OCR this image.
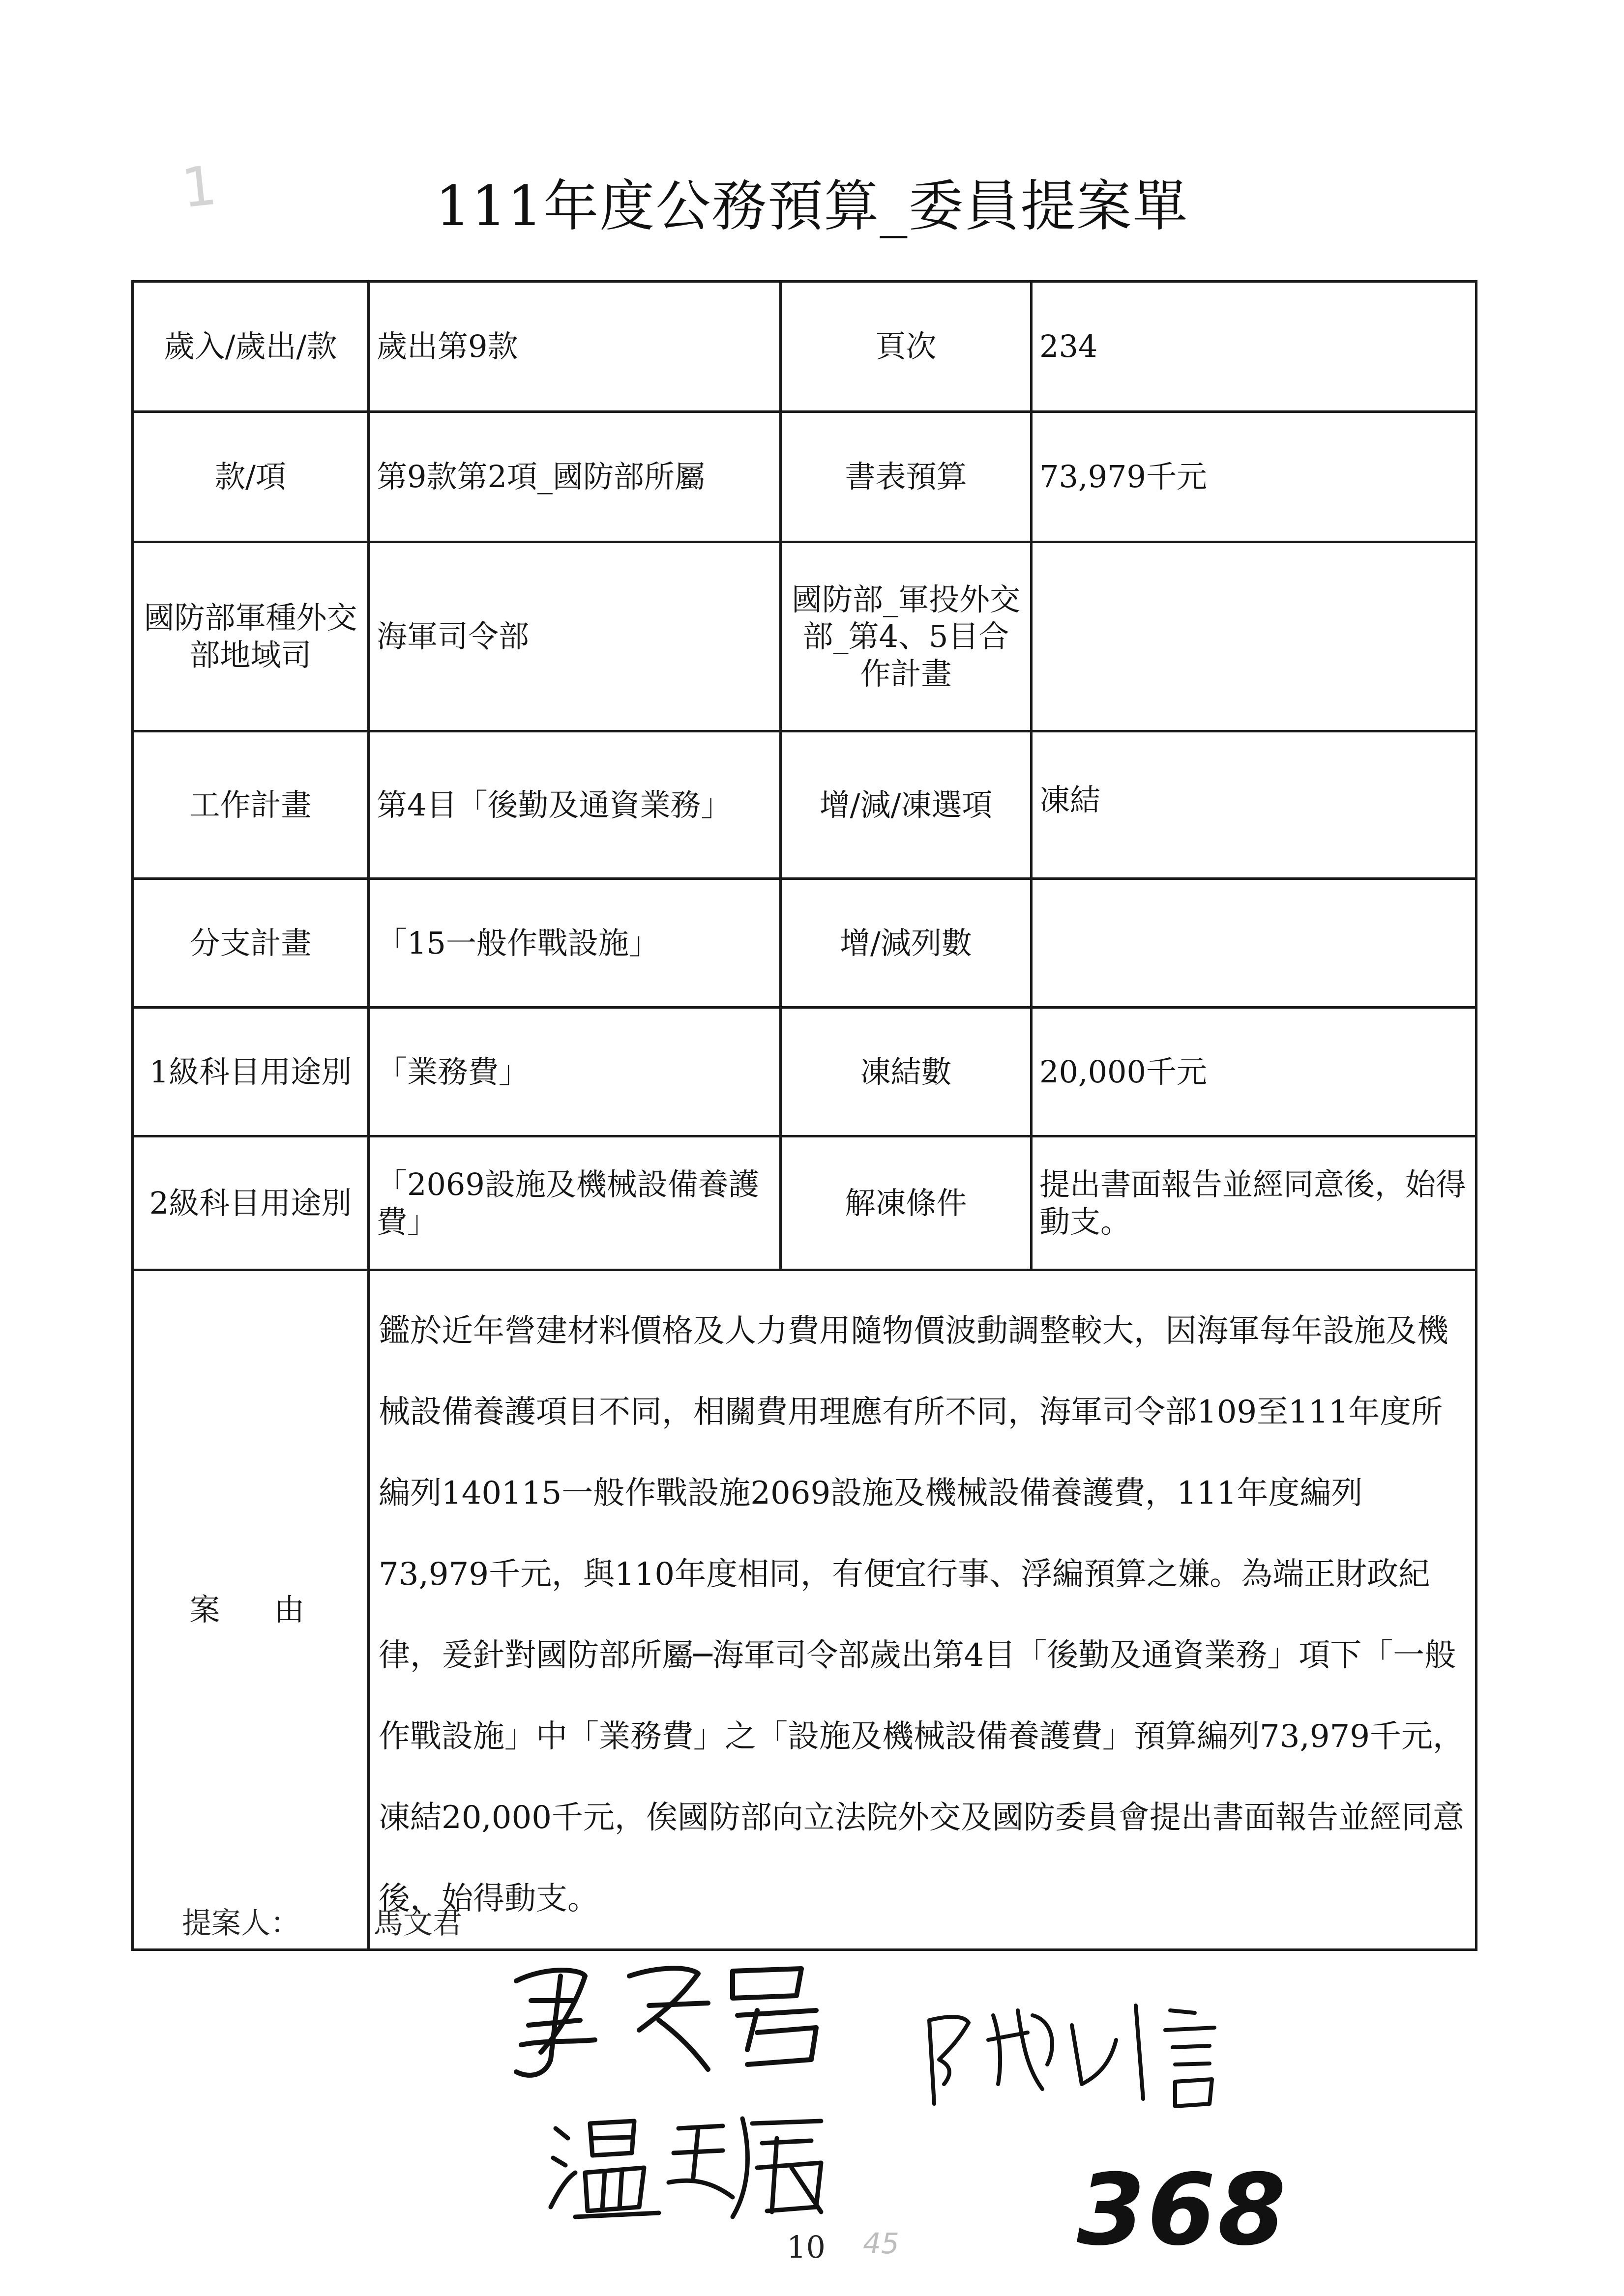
1	111年度公務預算_委員提案單
歲入/歲出/款	歲出第9款	頁次	234
款/項	第9款第2項_國防部所屬	書表預算	73,979千元
國防部軍種外交部地域司	海軍司令部	國防部_軍投外交部_第4、5目合作計畫	
工作計畫	第4目「後勤及通資業務」	增/減/凍選項	凍結
分支計畫	「15一般作戰設施」	增/減列數	
1級科目用途別	「業務費」	凍結數	20,000千元
2級科目用途別	「2069設施及機械設備養護費」	解凍條件	提出書面報告並經同意後，始得動支。
案由	鑑於近年營建材料價格及人力費用隨物價波動調整較大，因海軍每年設施及機械設備養護項目不同，相關費用理應有所不同，海軍司令部109至111年度所編列140115一般作戰設施2069設施及機械設備養護費，111年度編列73,979千元，與110年度相同，有便宜行事、浮編預算之嫌。為端正財政紀律，爰針對國防部所屬─海軍司令部歲出第4目「後勤及通資業務」項下「一般作戰設施」中「業務費」之「設施及機械設備養護費」預算編列73,979千元，凍結20,000千元，俟國防部向立法院外交及國防委員會提出書面報告並經同意後，始得動支。		
提案人：	馬文君
10 45 368
